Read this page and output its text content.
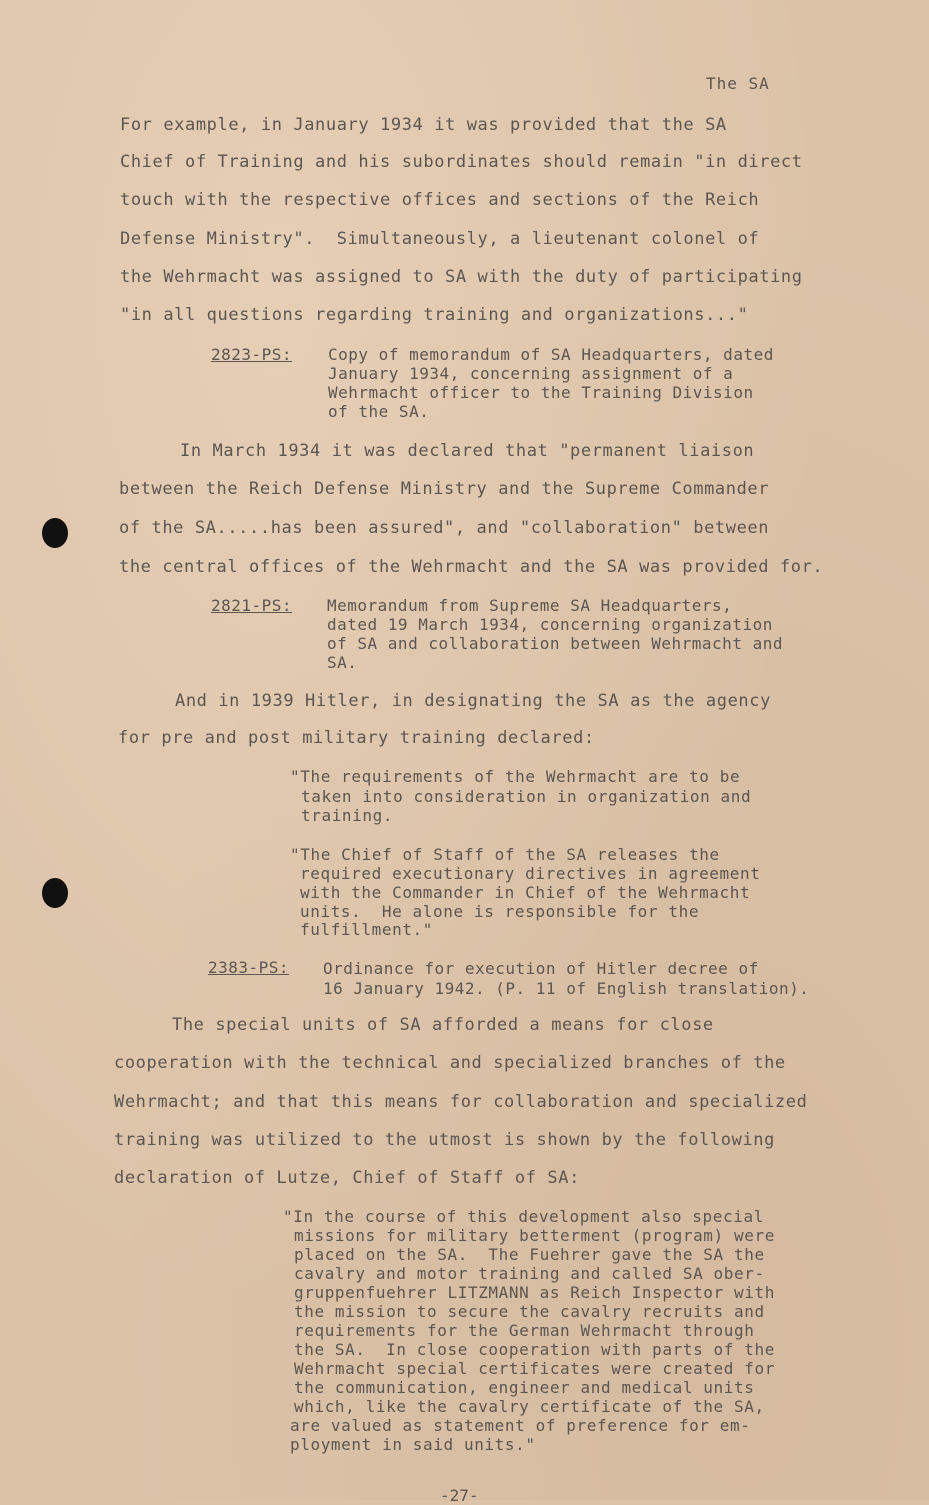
The SA
For example, in January 1934 it was provided that the SA
Chief of Training and his subordinates should remain "in direct
touch with the respective offices and sections of the Reich
Defense Ministry".  Simultaneously, a lieutenant colonel of
the Wehrmacht was assigned to SA with the duty of participating
"in all questions regarding training and organizations..."
2823-PS: Copy of memorandum of SA Headquarters, dated
January 1934, concerning assignment of a
Wehrmacht officer to the Training Division
of the SA.
In March 1934 it was declared that "permanent liaison
between the Reich Defense Ministry and the Supreme Commander
of the SA.....has been assured", and "collaboration" between
the central offices of the Wehrmacht and the SA was provided for.
2821-PS: Memorandum from Supreme SA Headquarters,
dated 19 March 1934, concerning organization
of SA and collaboration between Wehrmacht and
SA.
And in 1939 Hitler, in designating the SA as the agency
for pre and post military training declared:
"The requirements of the Wehrmacht are to be
taken into consideration in organization and
training.
"The Chief of Staff of the SA releases the
required executionary directives in agreement
with the Commander in Chief of the Wehrmacht
units.  He alone is responsible for the
fulfillment."
2383-PS: Ordinance for execution of Hitler decree of
16 January 1942. (P. 11 of English translation).
The special units of SA afforded a means for close
cooperation with the technical and specialized branches of the
Wehrmacht; and that this means for collaboration and specialized
training was utilized to the utmost is shown by the following
declaration of Lutze, Chief of Staff of SA:
"In the course of this development also special
missions for military betterment (program) were
placed on the SA.  The Fuehrer gave the SA the
cavalry and motor training and called SA ober-
gruppenfuehrer LITZMANN as Reich Inspector with
the mission to secure the cavalry recruits and
requirements for the German Wehrmacht through
the SA.  In close cooperation with parts of the
Wehrmacht special certificates were created for
the communication, engineer and medical units
which, like the cavalry certificate of the SA,
are valued as statement of preference for em-
ployment in said units."
-27-
